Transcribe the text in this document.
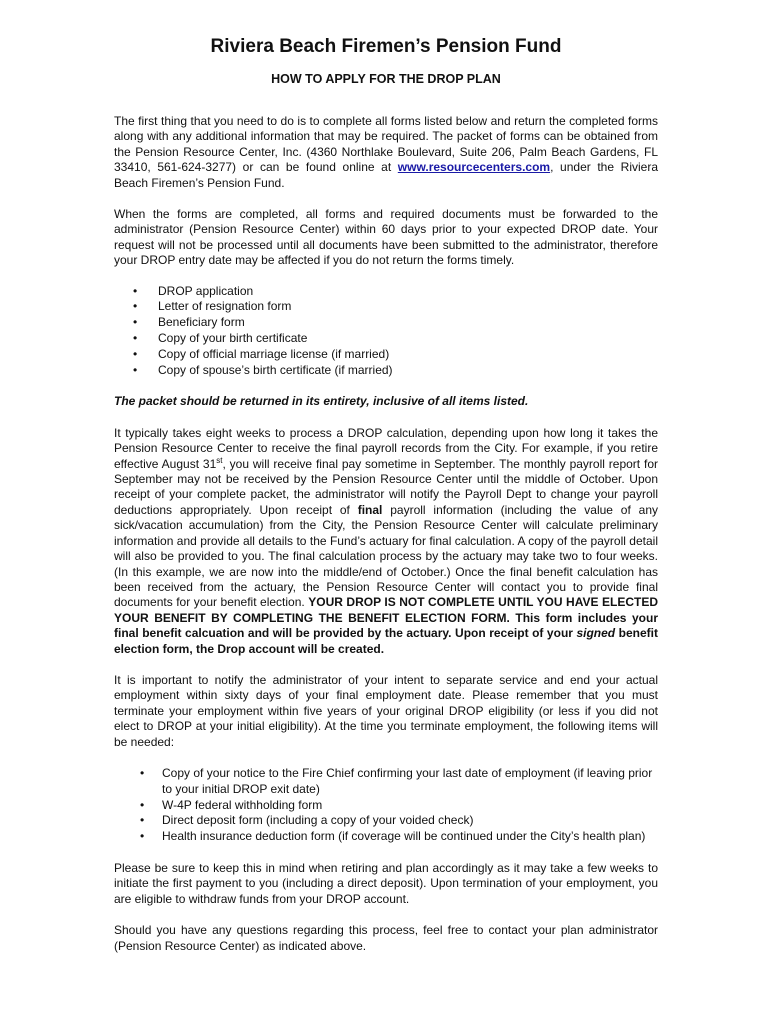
Riviera Beach Firemen’s Pension Fund
HOW TO APPLY FOR THE DROP PLAN

The first thing that you need to do is to complete all forms listed below and return the completed forms along with any additional information that may be required. The packet of forms can be obtained from the Pension Resource Center, Inc. (4360 Northlake Boulevard, Suite 206, Palm Beach Gardens, FL 33410, 561-624-3277) or can be found online at www.resourcecenters.com, under the Riviera Beach Firemen’s Pension Fund.

When the forms are completed, all forms and required documents must be forwarded to the administrator (Pension Resource Center) within 60 days prior to your expected DROP date. Your request will not be processed until all documents have been submitted to the administrator, therefore your DROP entry date may be affected if you do not return the forms timely.

• DROP application
• Letter of resignation form
• Beneficiary form
• Copy of your birth certificate
• Copy of official marriage license (if married)
• Copy of spouse’s birth certificate (if married)

The packet should be returned in its entirety, inclusive of all items listed.

It typically takes eight weeks to process a DROP calculation, depending upon how long it takes the Pension Resource Center to receive the final payroll records from the City. For example, if you retire effective August 31st, you will receive final pay sometime in September. The monthly payroll report for September may not be received by the Pension Resource Center until the middle of October. Upon receipt of your complete packet, the administrator will notify the Payroll Dept to change your payroll deductions appropriately. Upon receipt of final payroll information (including the value of any sick/vacation accumulation) from the City, the Pension Resource Center will calculate preliminary information and provide all details to the Fund’s actuary for final calculation. A copy of the payroll detail will also be provided to you. The final calculation process by the actuary may take two to four weeks. (In this example, we are now into the middle/end of October.) Once the final benefit calculation has been received from the actuary, the Pension Resource Center will contact you to provide final documents for your benefit election. YOUR DROP IS NOT COMPLETE UNTIL YOU HAVE ELECTED YOUR BENEFIT BY COMPLETING THE BENEFIT ELECTION FORM. This form includes your final benefit calcuation and will be provided by the actuary. Upon receipt of your signed benefit election form, the Drop account will be created.

It is important to notify the administrator of your intent to separate service and end your actual employment within sixty days of your final employment date. Please remember that you must terminate your employment within five years of your original DROP eligibility (or less if you did not elect to DROP at your initial eligibility). At the time you terminate employment, the following items will be needed:

• Copy of your notice to the Fire Chief confirming your last date of employment (if leaving prior to your initial DROP exit date)
• W-4P federal withholding form
• Direct deposit form (including a copy of your voided check)
• Health insurance deduction form (if coverage will be continued under the City’s health plan)

Please be sure to keep this in mind when retiring and plan accordingly as it may take a few weeks to initiate the first payment to you (including a direct deposit). Upon termination of your employment, you are eligible to withdraw funds from your DROP account.

Should you have any questions regarding this process, feel free to contact your plan administrator (Pension Resource Center) as indicated above.
